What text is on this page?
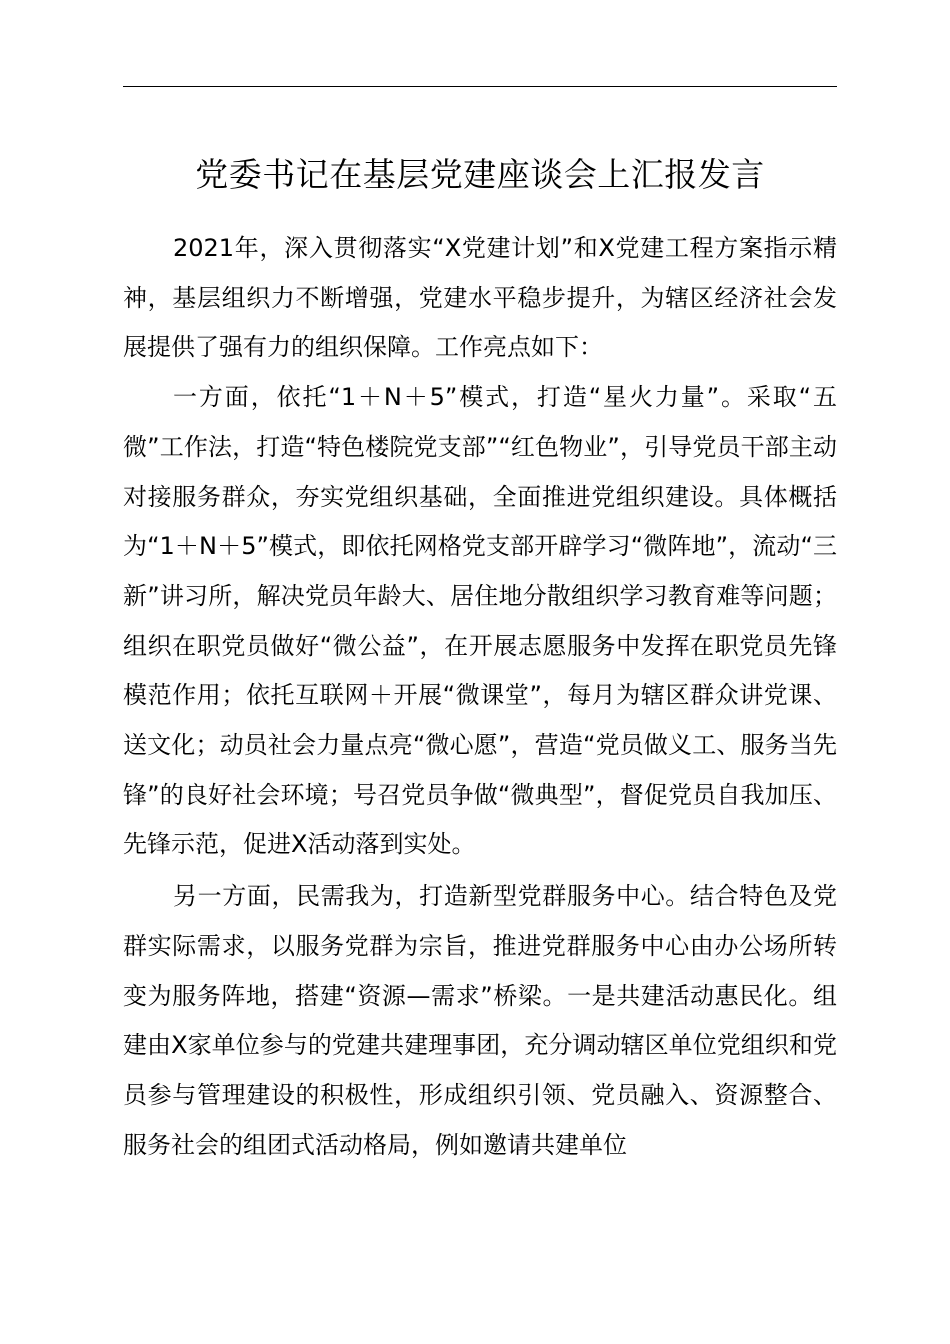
党委书记在基层党建座谈会上汇报发言

2021年，深入贯彻落实“X党建计划”和X党建工程方案指示精神，基层组织力不断增强，党建水平稳步提升，为辖区经济社会发展提供了强有力的组织保障。工作亮点如下：

一方面，依托“1＋N＋5”模式，打造“星火力量”。采取“五微”工作法，打造“特色楼院党支部”“红色物业”，引导党员干部主动对接服务群众，夯实党组织基础，全面推进党组织建设。具体概括为“1＋N＋5”模式，即依托网格党支部开辟学习“微阵地”，流动“三新”讲习所，解决党员年龄大、居住地分散组织学习教育难等问题；组织在职党员做好“微公益”，在开展志愿服务中发挥在职党员先锋模范作用；依托互联网＋开展“微课堂”，每月为辖区群众讲党课、送文化；动员社会力量点亮“微心愿”，营造“党员做义工、服务当先锋”的良好社会环境；号召党员争做“微典型”，督促党员自我加压、先锋示范，促进X活动落到实处。

另一方面，民需我为，打造新型党群服务中心。结合特色及党群实际需求，以服务党群为宗旨，推进党群服务中心由办公场所转变为服务阵地，搭建“资源—需求”桥梁。一是共建活动惠民化。组建由X家单位参与的党建共建理事团，充分调动辖区单位党组织和党员参与管理建设的积极性，形成组织引领、党员融入、资源整合、服务社会的组团式活动格局，例如邀请共建单位
